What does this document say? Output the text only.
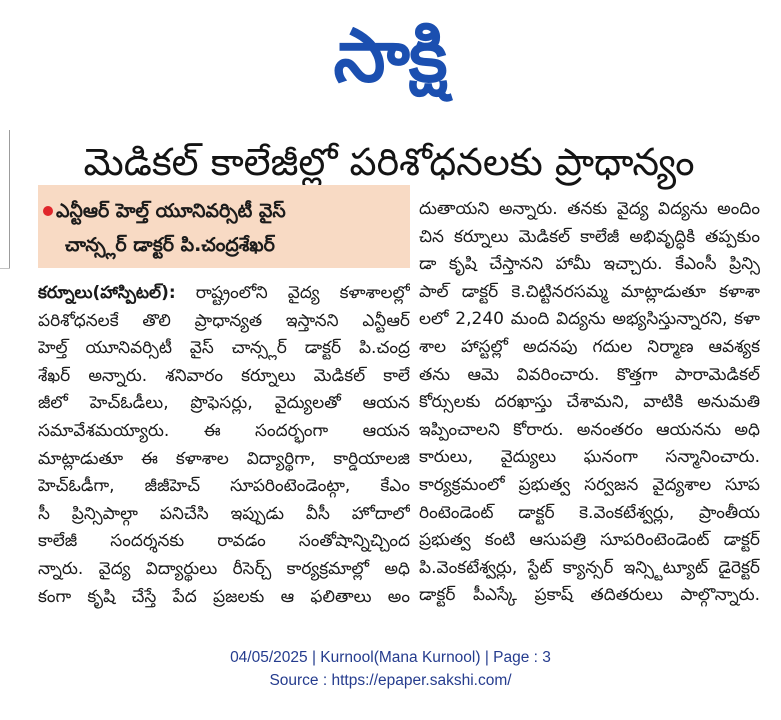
సాక్షి
మెడికల్ కాలేజీల్లో పరిశోధనలకు ప్రాధాన్యం
ఎన్టీఆర్ హెల్త్ యూనివర్సిటీ వైస్
చాన్స్లర్ డాక్టర్ పి.చంద్రశేఖర్
కర్నూలు(హాస్పిటల్): రాష్ట్రంలోని వైద్య కళాశాలల్లో
పరిశోధనలకే తొలి ప్రాధాన్యత ఇస్తానని ఎన్టీఆర్
హెల్త్ యూనివర్సిటీ వైస్ చాన్స్లర్ డాక్టర్ పి.చంద్ర
శేఖర్ అన్నారు. శనివారం కర్నూలు మెడికల్ కాలే
జీలో హెచ్ఓడీలు, ప్రొఫెసర్లు, వైద్యులతో ఆయన
సమావేశమయ్యారు. ఈ సందర్భంగా ఆయన
మాట్లాడుతూ ఈ కళాశాల విద్యార్థిగా, కార్డియాలజి
హెచ్ఓడీగా, జీజీహెచ్ సూపరింటెండెంట్గా, కేఎం
సీ ప్రిన్సిపాల్గా పనిచేసి ఇప్పుడు వీసీ హోదాలో
కాలేజీ సందర్శనకు రావడం సంతోషాన్నిచ్చింద
న్నారు. వైద్య విద్యార్థులు రీసెర్చ్ కార్యక్రమాల్లో అధి
కంగా కృషి చేస్తే పేద ప్రజలకు ఆ ఫలితాలు అం
దుతాయని అన్నారు. తనకు వైద్య విద్యను అందిం
చిన కర్నూలు మెడికల్ కాలేజీ అభివృద్ధికి తప్పకుం
డా కృషి చేస్తానని హామీ ఇచ్చారు. కేఎంసీ ప్రిన్సి
పాల్ డాక్టర్ కె.చిట్టినరసమ్మ మాట్లాడుతూ కళాశా
లలో 2,240 మంది విద్యను అభ్యసిస్తున్నారని, కళా
శాల హాస్టల్లో అదనపు గదుల నిర్మాణ ఆవశ్యక
తను ఆమె వివరించారు. కొత్తగా పారామెడికల్
కోర్సులకు దరఖాస్తు చేశామని, వాటికి అనుమతి
ఇప్పించాలని కోరారు. అనంతరం ఆయనను అధి
కారులు, వైద్యులు ఘనంగా సన్మానించారు.
కార్యక్రమంలో ప్రభుత్వ సర్వజన వైద్యశాల సూప
రింటెండెంట్ డాక్టర్ కె.వెంకటేశ్వర్లు, ప్రాంతీయ
ప్రభుత్వ కంటి ఆసుపత్రి సూపరింటెండెంట్ డాక్టర్
పి.వెంకటేశ్వర్లు, స్టేట్ క్యాన్సర్ ఇన్స్టిట్యూట్ డైరెక్టర్
డాక్టర్ పీఎస్కే ప్రకాష్ తదితరులు పాల్గొన్నారు.
04/05/2025 | Kurnool(Mana Kurnool) | Page : 3
Source : https://epaper.sakshi.com/
